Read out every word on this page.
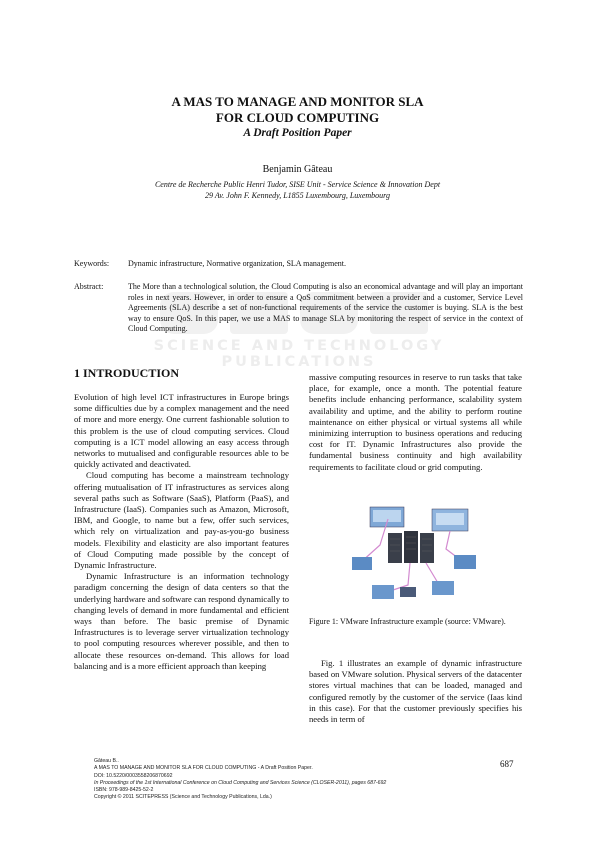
A MAS TO MANAGE AND MONITOR SLA
FOR CLOUD COMPUTING
A Draft Position Paper
Benjamin Gâteau
Centre de Recherche Public Henri Tudor, SISE Unit - Service Science & Innovation Dept
29 Av. John F. Kennedy, L1855 Luxembourg, Luxembourg
Keywords: Dynamic infrastructure, Normative organization, SLA management.
SCIENCE AND TECHNOLOGY PUBLICATIONS
Abstract:	The More than a technological solution, the Cloud Computing is also an economical advantage and will play an important roles in next years. However, in order to ensure a QoS commitment between a provider and a customer, Service Level Agreements (SLA) describe a set of non-functional requirements of the service the customer is buying. SLA is the best way to ensure QoS. In this paper, we use a MAS to manage SLA by monitoring the respect of service in the context of Cloud Computing.
1 INTRODUCTION

Evolution of high level ICT infrastructures in Europe brings some difficulties due by a complex management and the need of more and more energy. One current fashionable solution to this problem is the use of cloud computing services. Cloud computing is a ICT model allowing an easy access through networks to mutualised and configurable resources able to be quickly activated and deactivated.

Cloud computing has become a mainstream technology offering mutualisation of IT infrastructures as services along several paths such as Software (SaaS), Platform (PaaS), and Infrastructure (IaaS). Companies such as Amazon, Microsoft, IBM, and Google, to name but a few, offer such services, which rely on virtualization and pay-as-you-go business models. Flexibility and elasticity are also important features of Cloud Computing made possible by the concept of Dynamic Infrastructure.

Dynamic Infrastructure is an information technology paradigm concerning the design of data centers so that the underlying hardware and software can respond dynamically to changing levels of demand in more fundamental and efficient ways than before. The basic premise of Dynamic Infrastructures is to leverage server virtualization technology to pool computing resources wherever possible, and then to allocate these resources on-demand. This allows for load balancing and is a more efficient approach than keeping

massive computing resources in reserve to run tasks that take place, for example, once a month. The potential feature benefits include enhancing performance, scalability system availability and uptime, and the ability to perform routine maintenance on either physical or virtual systems all while minimizing interruption to business operations and reducing cost for IT. Dynamic Infrastructures also provide the fundamental business continuity and high availability requirements to facilitate cloud or grid computing.

Figure 1: VMware Infrastructure example (source: VMware).

Fig. 1 illustrates an example of dynamic infrastructure based on VMware solution. Physical servers of the datacenter stores virtual machines that can be loaded, managed and configured remotly by the customer of the service (Iaas kind in this case). For that the customer previously specifies his needs in term of

Gâteau B..
A MAS TO MANAGE AND MONITOR SLA FOR CLOUD COMPUTING - A Draft Position Paper.
DOI: 10.5220/0003558206870692
In Proceedings of the 1st International Conference on Cloud Computing and Services Science (CLOSER-2011), pages 687-692
ISBN: 978-989-8425-52-2
Copyright © 2011 SCITEPRESS (Science and Technology Publications, Lda.)
687
